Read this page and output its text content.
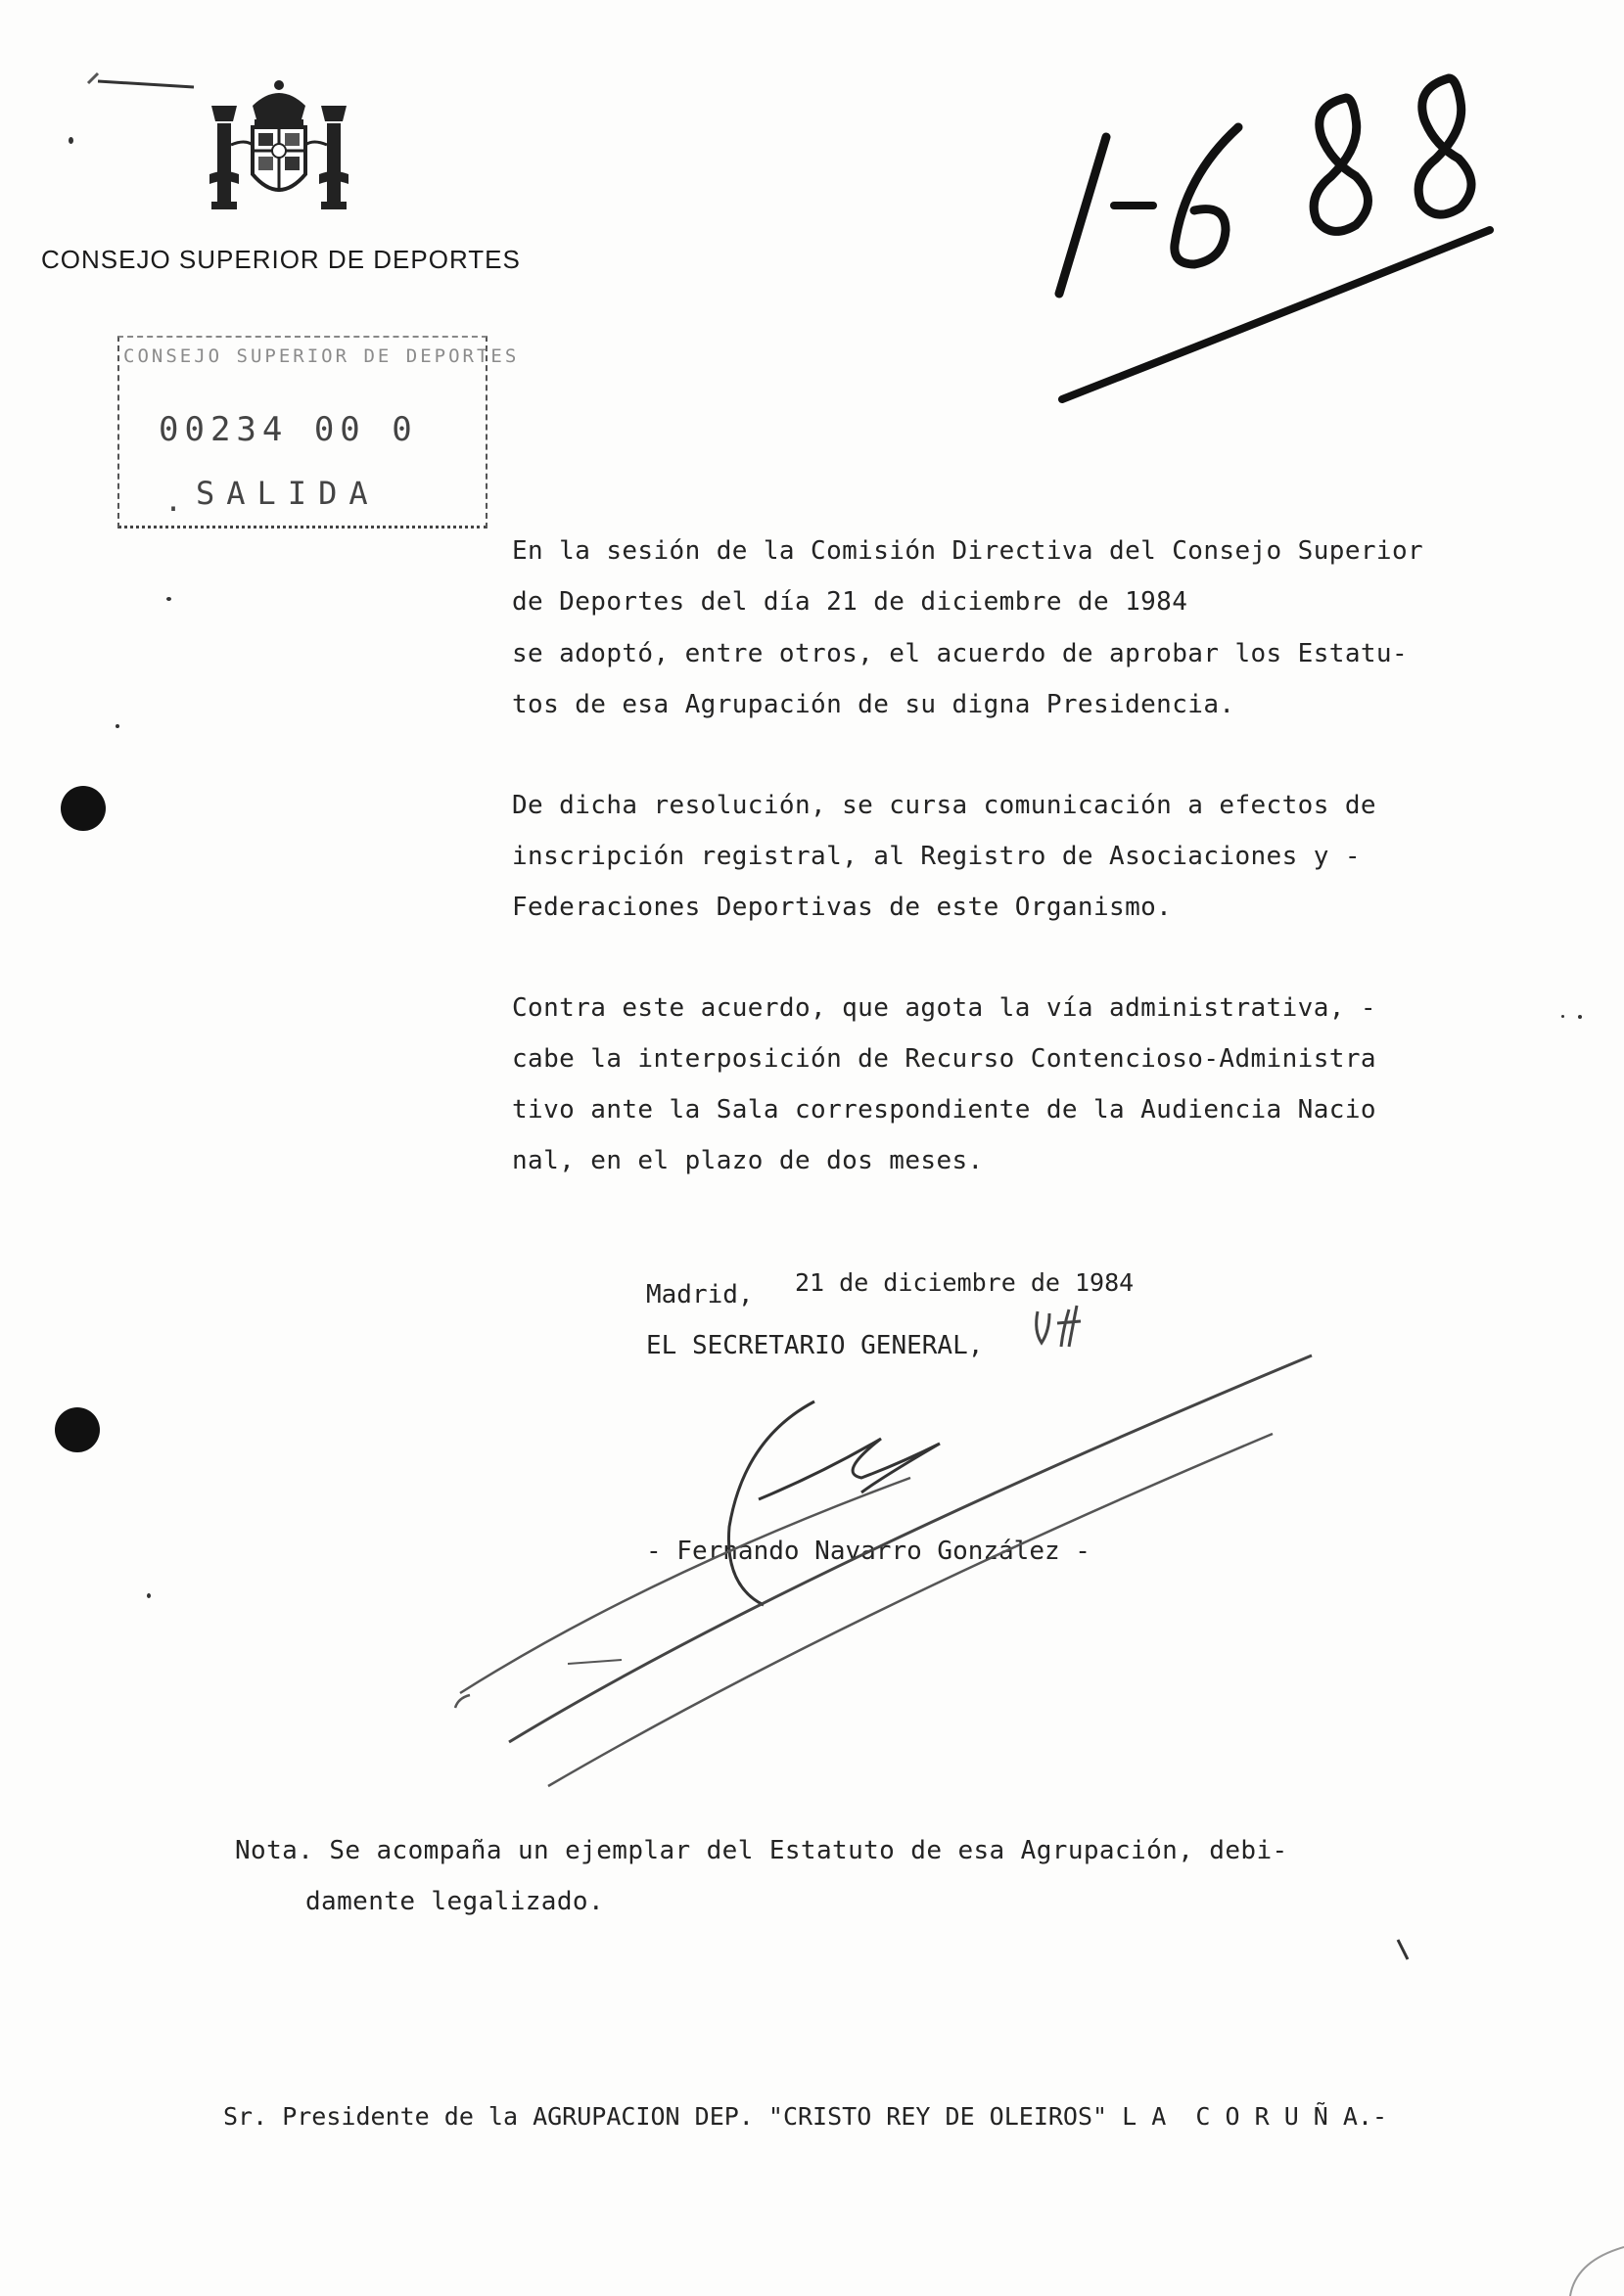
CONSEJO SUPERIOR DE DEPORTES
CONSEJO SUPERIOR DE DEPORTES
00234 00 0
. SALIDA
En la sesión de la Comisión Directiva del Consejo Superior
de Deportes del día 21 de diciembre de 1984
se adoptó, entre otros, el acuerdo de aprobar los Estatu-
tos de esa Agrupación de su digna Presidencia.
De dicha resolución, se cursa comunicación a efectos de
inscripción registral, al Registro de Asociaciones y -
Federaciones Deportivas de este Organismo.
Contra este acuerdo, que agota la vía administrativa, -
cabe la interposición de Recurso Contencioso-Administra
tivo ante la Sala correspondiente de la Audiencia Nacio
nal, en el plazo de dos meses.
Madrid, 21 de diciembre de 1984
EL SECRETARIO GENERAL,
- Fernando Navarro González -
Nota. Se acompaña un ejemplar del Estatuto de esa Agrupación, debi-
damente legalizado.
Sr. Presidente de la AGRUPACION DEP. "CRISTO REY DE OLEIROS" L A  C O R U Ñ A.-
